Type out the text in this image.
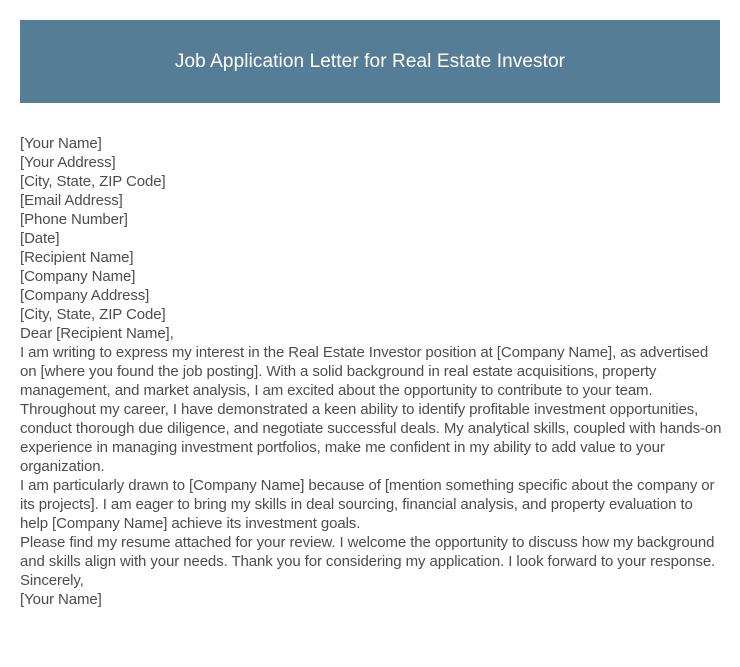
Job Application Letter for Real Estate Investor
[Your Name]
[Your Address]
[City, State, ZIP Code]
[Email Address]
[Phone Number]
[Date]
[Recipient Name]
[Company Name]
[Company Address]
[City, State, ZIP Code]
Dear [Recipient Name],

I am writing to express my interest in the Real Estate Investor position at [Company Name], as advertised on [where you found the job posting]. With a solid background in real estate acquisitions, property management, and market analysis, I am excited about the opportunity to contribute to your team.

Throughout my career, I have demonstrated a keen ability to identify profitable investment opportunities, conduct thorough due diligence, and negotiate successful deals. My analytical skills, coupled with hands-on experience in managing investment portfolios, make me confident in my ability to add value to your organization.

I am particularly drawn to [Company Name] because of [mention something specific about the company or its projects]. I am eager to bring my skills in deal sourcing, financial analysis, and property evaluation to help [Company Name] achieve its investment goals.

Please find my resume attached for your review. I welcome the opportunity to discuss how my background and skills align with your needs. Thank you for considering my application. I look forward to your response.

Sincerely,
[Your Name]
